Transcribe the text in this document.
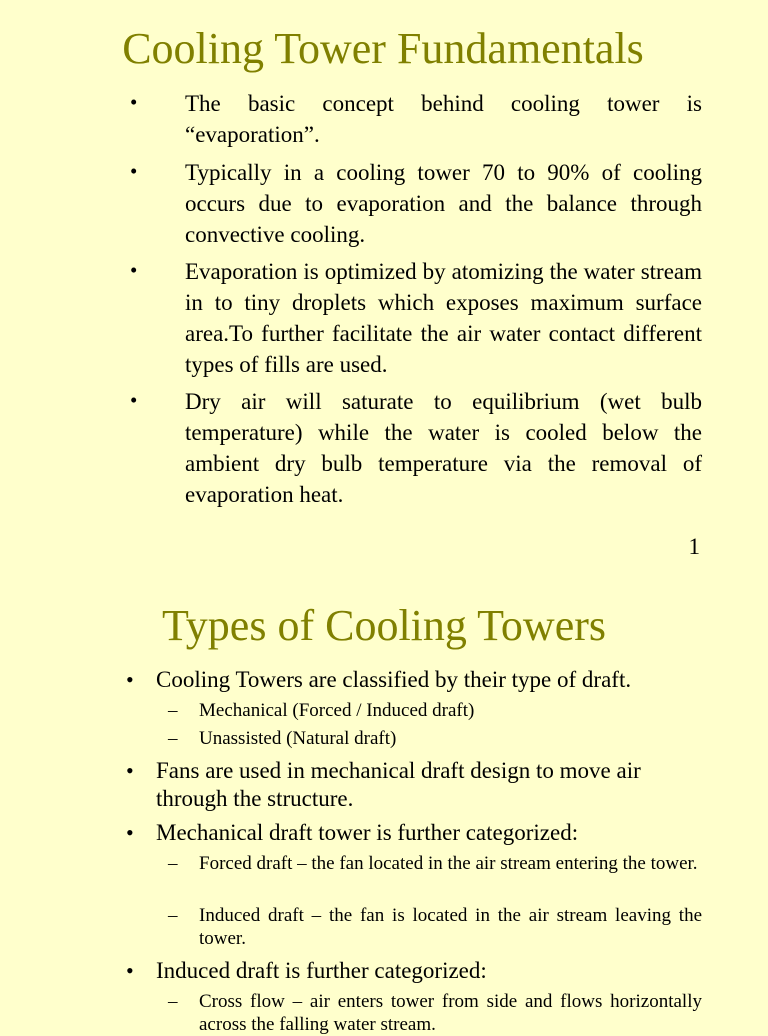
Cooling Tower Fundamentals
• The basic concept behind cooling tower is “evaporation”.

• Typically in a cooling tower 70 to 90% of cooling occurs due to evaporation and the balance through convective cooling.

• Evaporation is optimized by atomizing the water stream in to tiny droplets which exposes maximum surface area.To further facilitate the air water contact different types of fills are used.

• Dry air will saturate to equilibrium (wet bulb temperature) while the water is cooled below the ambient dry bulb temperature via the removal of evaporation heat.

1
Types of Cooling Towers
• Cooling Towers are classified by their type of draft.

– Mechanical (Forced / Induced draft)

– Unassisted (Natural draft)

• Fans are used in mechanical draft design to move air through the structure.

• Mechanical draft tower is further categorized:

– Forced draft – the fan located in the air stream entering the tower.

– Induced draft – the fan is located in the air stream leaving the tower.

• Induced draft is further categorized:

– Cross flow – air enters tower from side and flows horizontally across the falling water stream.
